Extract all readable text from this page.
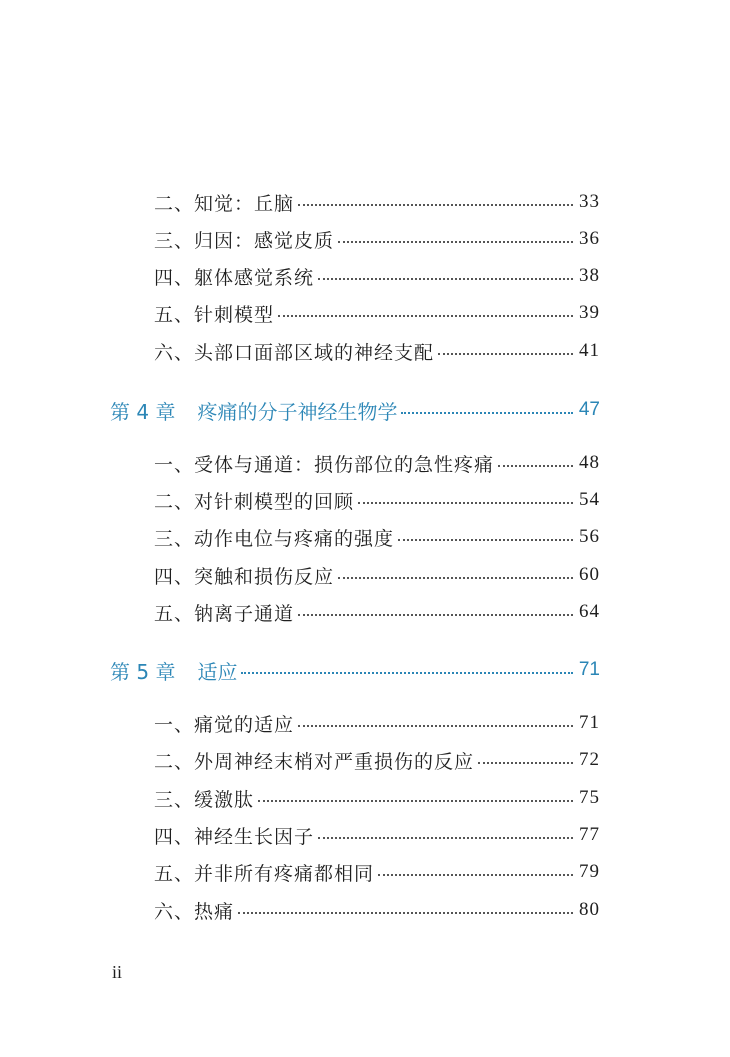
二、知觉：丘脑	33
三、归因：感觉皮质	36
四、躯体感觉系统	38
五、针刺模型	39
六、头部口面部区域的神经支配	41
第 4 章 疼痛的分子神经生物学	47
一、受体与通道：损伤部位的急性疼痛	48
二、对针刺模型的回顾	54
三、动作电位与疼痛的强度	56
四、突触和损伤反应	60
五、钠离子通道	64
第 5 章 适应	71
一、痛觉的适应	71
二、外周神经末梢对严重损伤的反应	72
三、缓激肽	75
四、神经生长因子	77
五、并非所有疼痛都相同	79
六、热痛	80
ii
